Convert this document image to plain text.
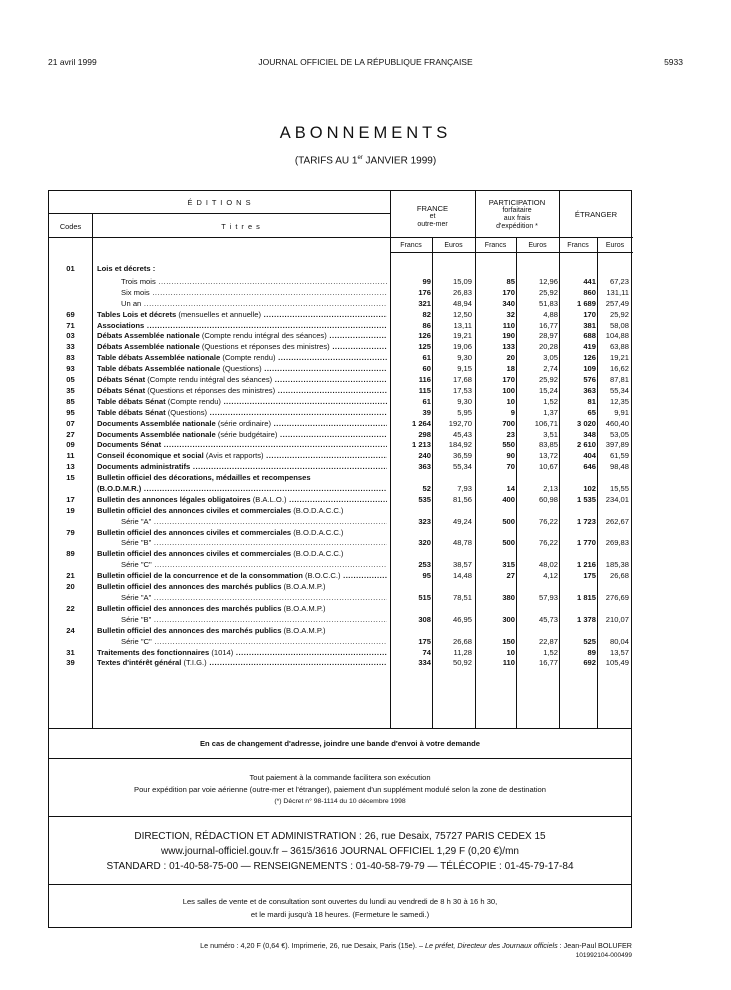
21 avril 1999	JOURNAL OFFICIEL DE LA RÉPUBLIQUE FRANÇAISE	5933
ABONNEMENTS
(TARIFS AU 1er JANVIER 1999)
É D I T I O N S
Codes	T i t r e s
FRANCE
et
outre-mer
PARTICIPATION
forfaitaire
aux frais
d'expédition *
ÉTRANGER
Francs	Euros	Francs	Euros	Francs	Euros
01	Lois et décrets :
Trois mois .....	99	15,09	85	12,96	441	67,23
Six mois .....	176	26,83	170	25,92	860	131,11
Un an .....	321	48,94	340	51,83	1 689	257,49
69	Tables Lois et décrets (mensuelles et annuelle) .....	82	12,50	32	4,88	170	25,92
71	Associations .....	86	13,11	110	16,77	381	58,08
03	Débats Assemblée nationale (Compte rendu intégral des séances) .....	126	19,21	190	28,97	688	104,88
33	Débats Assemblée nationale (Questions et réponses des ministres) .....	125	19,06	133	20,28	419	63,88
83	Table débats Assemblée nationale (Compte rendu) .....	61	9,30	20	3,05	126	19,21
93	Table débats Assemblée nationale (Questions) .....	60	9,15	18	2,74	109	16,62
05	Débats Sénat (Compte rendu intégral des séances) .....	116	17,68	170	25,92	576	87,81
35	Débats Sénat (Questions et réponses des ministres) .....	115	17,53	100	15,24	363	55,34
85	Table débats Sénat (Compte rendu) .....	61	9,30	10	1,52	81	12,35
95	Table débats Sénat (Questions) .....	39	5,95	9	1,37	65	9,91
07	Documents Assemblée nationale (série ordinaire) .....	1 264	192,70	700	106,71	3 020	460,40
27	Documents Assemblée nationale (série budgétaire) .....	298	45,43	23	3,51	348	53,05
09	Documents Sénat .....	1 213	184,92	550	83,85	2 610	397,89
11	Conseil économique et social (Avis et rapports) .....	240	36,59	90	13,72	404	61,59
13	Documents administratifs .....	363	55,34	70	10,67	646	98,48
15	Bulletin officiel des décorations, médailles et recompenses
(B.O.D.M.R.) .....	52	7,93	14	2,13	102	15,55
17	Bulletin des annonces légales obligatoires (B.A.L.O.) .....	535	81,56	400	60,98	1 535	234,01
19	Bulletin officiel des annonces civiles et commerciales (B.O.D.A.C.C.)
Série "A" .....	323	49,24	500	76,22	1 723	262,67
79	Bulletin officiel des annonces civiles et commerciales (B.O.D.A.C.C.)
Série "B" .....	320	48,78	500	76,22	1 770	269,83
89	Bulletin officiel des annonces civiles et commerciales (B.O.D.A.C.C.)
Série "C" .....	253	38,57	315	48,02	1 216	185,38
21	Bulletin officiel de la concurrence et de la consommation (B.O.C.C.) .....	95	14,48	27	4,12	175	26,68
20	Bulletin officiel des annonces des marchés publics (B.O.A.M.P.)
Série "A" .....	515	78,51	380	57,93	1 815	276,69
22	Bulletin officiel des annonces des marchés publics (B.O.A.M.P.)
Série "B" .....	308	46,95	300	45,73	1 378	210,07
24	Bulletin officiel des annonces des marchés publics (B.O.A.M.P.)
Série "C" .....	175	26,68	150	22,87	525	80,04
31	Traitements des fonctionnaires (1014) .....	74	11,28	10	1,52	89	13,57
39	Textes d'intérêt général (T.I.G.) .....	334	50,92	110	16,77	692	105,49
En cas de changement d'adresse, joindre une bande d'envoi à votre demande
Tout paiement à la commande facilitera son exécution
Pour expédition par voie aérienne (outre-mer et l'étranger), paiement d'un supplément modulé selon la zone de destination
(*) Décret n° 98-1114 du 10 décembre 1998
DIRECTION, RÉDACTION ET ADMINISTRATION : 26, rue Desaix, 75727 PARIS CEDEX 15
www.journal-officiel.gouv.fr – 3615/3616 JOURNAL OFFICIEL 1,29 F (0,20 €)/mn
STANDARD : 01-40-58-75-00 — RENSEIGNEMENTS : 01-40-58-79-79 — TÉLÉCOPIE : 01-45-79-17-84
Les salles de vente et de consultation sont ouvertes du lundi au vendredi de 8 h 30 à 16 h 30,
et le mardi jusqu'à 18 heures. (Fermeture le samedi.)
Le numéro : 4,20 F (0,64 €). Imprimerie, 26, rue Desaix, Paris (15e). – Le préfet, Directeur des Journaux officiels : Jean-Paul BOLUFER
101992104-000499
